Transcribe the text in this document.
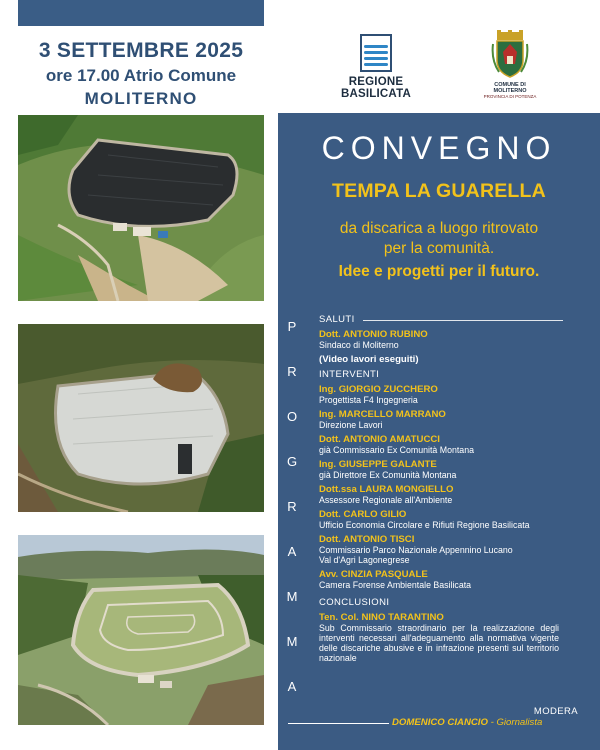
3 SETTEMBRE 2025
ore 17.00 Atrio Comune
MOLITERNO
REGIONE
BASILICATA
COMUNE DI MOLITERNO
PROVINCIA DI POTENZA
CONVEGNO
TEMPA LA GUARELLA
da discarica a luogo ritrovato
per la comunità.
Idee e progetti per il futuro.
P
R
O
G
R
A
M
M
A
SALUTI
Dott. ANTONIO RUBINO
Sindaco di Moliterno
(Video lavori eseguiti)
INTERVENTI
Ing. GIORGIO ZUCCHERO
Progettista F4 Ingegneria
Ing. MARCELLO MARRANO
Direzione Lavori
Dott. ANTONIO AMATUCCI
già Commissario Ex Comunità Montana
Ing. GIUSEPPE GALANTE
già Direttore Ex Comunità Montana
Dott.ssa LAURA MONGIELLO
Assessore Regionale all'Ambiente
Dott. CARLO GILIO
Ufficio Economia Circolare e Rifiuti Regione Basilicata
Dott. ANTONIO TISCI
Commissario Parco Nazionale Appennino Lucano
Val d'Agri Lagonegrese
Avv. CINZIA PASQUALE
Camera Forense Ambientale Basilicata
CONCLUSIONI
Ten. Col. NINO TARANTINO
Sub Commissario straordinario per la realizzazione degli interventi necessari all'adeguamento alla normativa vigente delle discariche abusive e in infrazione presenti sul territorio nazionale
MODERA
DOMENICO CIANCIO - Giornalista
